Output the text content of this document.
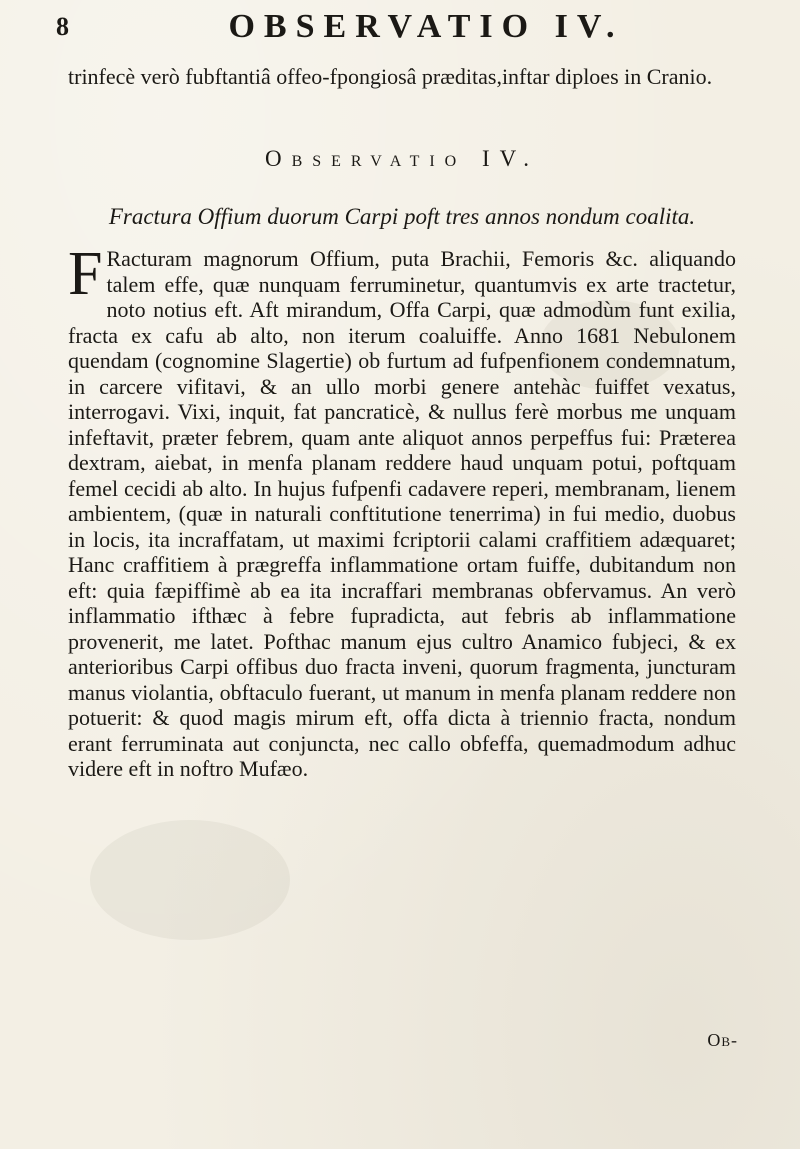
8	OBSERVATIO IV.
trinfecè verò fubftantiâ offeo-fpongiosâ præditas,inftar diploes in Cranio.
Observatio IV.
Fractura Offium duorum Carpi poft tres annos nondum coalita.
F Racturam magnorum Offium, puta Brachii, Femoris &c. aliquando talem effe, quæ nunquam ferruminetur, quantumvis ex arte tractetur, noto notius eft. Aft mirandum, Offa Carpi, quæ admodùm funt exilia, fracta ex cafu ab alto, non iterum coaluiffe. Anno 1681 Nebulonem quendam (cognomine Slagertie) ob furtum ad fufpenfionem condemnatum, in carcere vifitavi, & an ullo morbi genere antehàc fuiffet vexatus, interrogavi. Vixi, inquit, fat pancraticè, & nullus ferè morbus me unquam infeftavit, præter febrem, quam ante aliquot annos perpeffus fui: Præterea dextram, aiebat, in menfa planam reddere haud unquam potui, poftquam femel cecidi ab alto. In hujus fufpenfi cadavere reperi, membranam, lienem ambientem, (quæ in naturali conftitutione tenerrima) in fui medio, duobus in locis, ita incraffatam, ut maximi fcriptorii calami craffitiem adæquaret; Hanc craffitiem à prægreffa inflammatione ortam fuiffe, dubitandum non eft: quia fæpiffimè ab ea ita incraffari membranas obfervamus. An verò inflammatio ifthæc à febre fupradicta, aut febris ab inflammatione provenerit, me latet. Pofthac manum ejus cultro Anamico fubjeci, & ex anterioribus Carpi offibus duo fracta inveni, quorum fragmenta, juncturam manus violantia, obftaculo fuerant, ut manum in menfa planam reddere non potuerit: & quod magis mirum eft, offa dicta à triennio fracta, nondum erant ferruminata aut conjuncta, nec callo obfeffa, quemadmodum adhuc videre eft in noftro Mufæo.
Ob-
